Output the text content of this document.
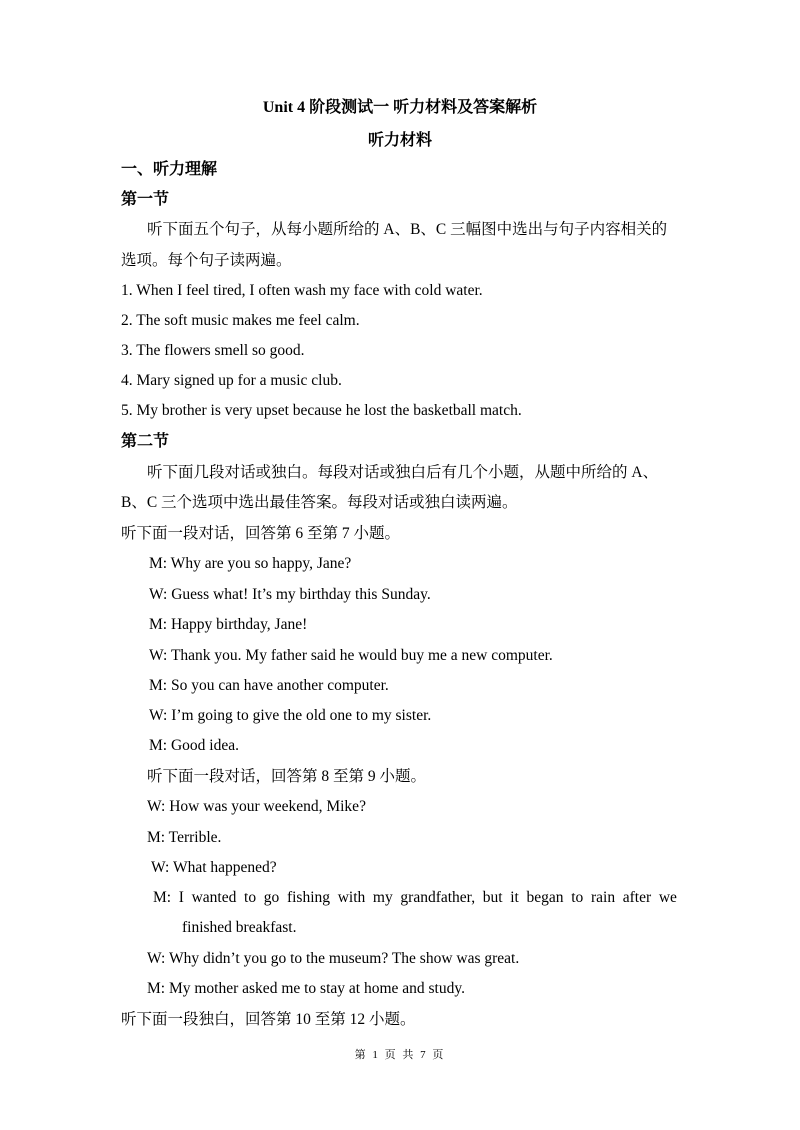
Unit 4 阶段测试一 听力材料及答案解析
听力材料
一、听力理解
第一节
听下面五个句子，从每小题所给的 A、B、C 三幅图中选出与句子内容相关的
选项。每个句子读两遍。
1. When I feel tired, I often wash my face with cold water.
2. The soft music makes me feel calm.
3. The flowers smell so good.
4. Mary signed up for a music club.
5. My brother is very upset because he lost the basketball match.
第二节
听下面几段对话或独白。每段对话或独白后有几个小题，从题中所给的 A、
B、C 三个选项中选出最佳答案。每段对话或独白读两遍。
听下面一段对话，回答第 6 至第 7 小题。
M: Why are you so happy, Jane?
W: Guess what! It’s my birthday this Sunday.
M: Happy birthday, Jane!
W: Thank you. My father said he would buy me a new computer.
M: So you can have another computer.
W: I’m going to give the old one to my sister.
M: Good idea.
听下面一段对话，回答第 8 至第 9 小题。
W: How was your weekend, Mike?
M: Terrible.
W: What happened?
M: I wanted to go fishing with my grandfather, but it began to rain after we
finished breakfast.
W: Why didn’t you go to the museum? The show was great.
M: My mother asked me to stay at home and study.
听下面一段独白，回答第 10 至第 12 小题。
第 1 页 共 7 页
